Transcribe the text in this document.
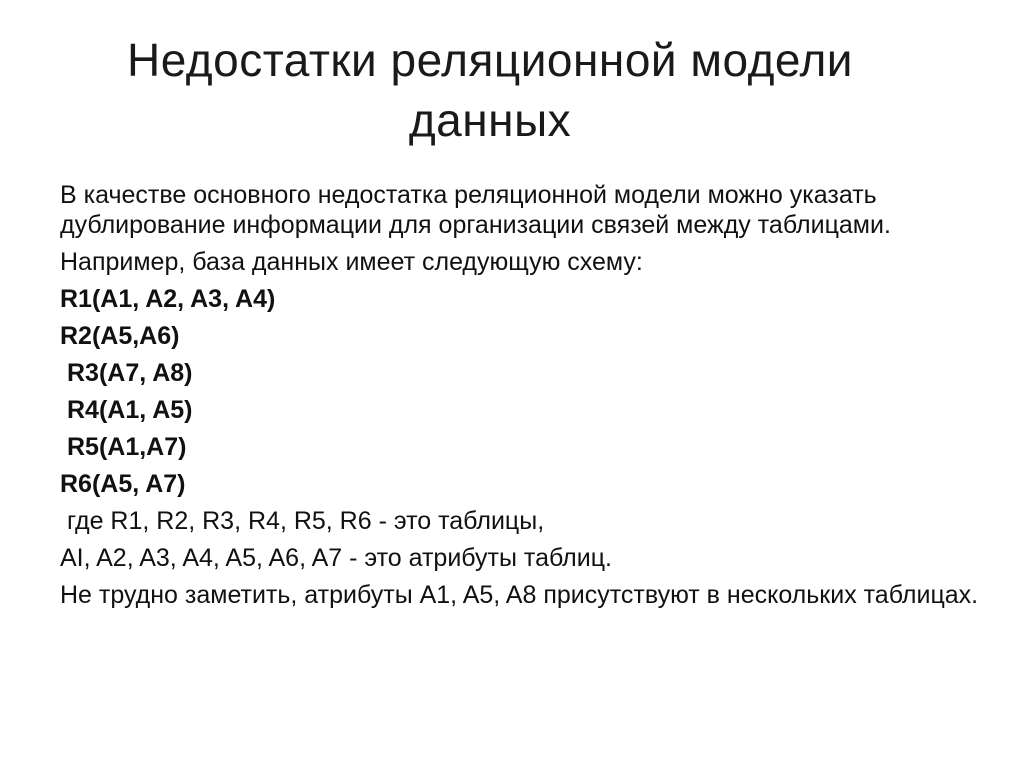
Недостатки реляционной модели
данных

В качестве основного недостатка реляционной модели можно указать дублирование информации для организации связей между таблицами.

Например, база данных имеет следующую схему:

R1(A1, A2, A3, A4)
R2(A5,A6)
R3(A7, A8)
R4(A1, A5)
R5(A1,A7)
R6(A5, A7)

где R1, R2, R3, R4, R5, R6 - это таблицы,

AI, A2, A3, A4, A5, A6, A7 - это атрибуты таблиц.

Не трудно заметить, атрибуты A1, A5, A8 присутствуют в нескольких таблицах.
